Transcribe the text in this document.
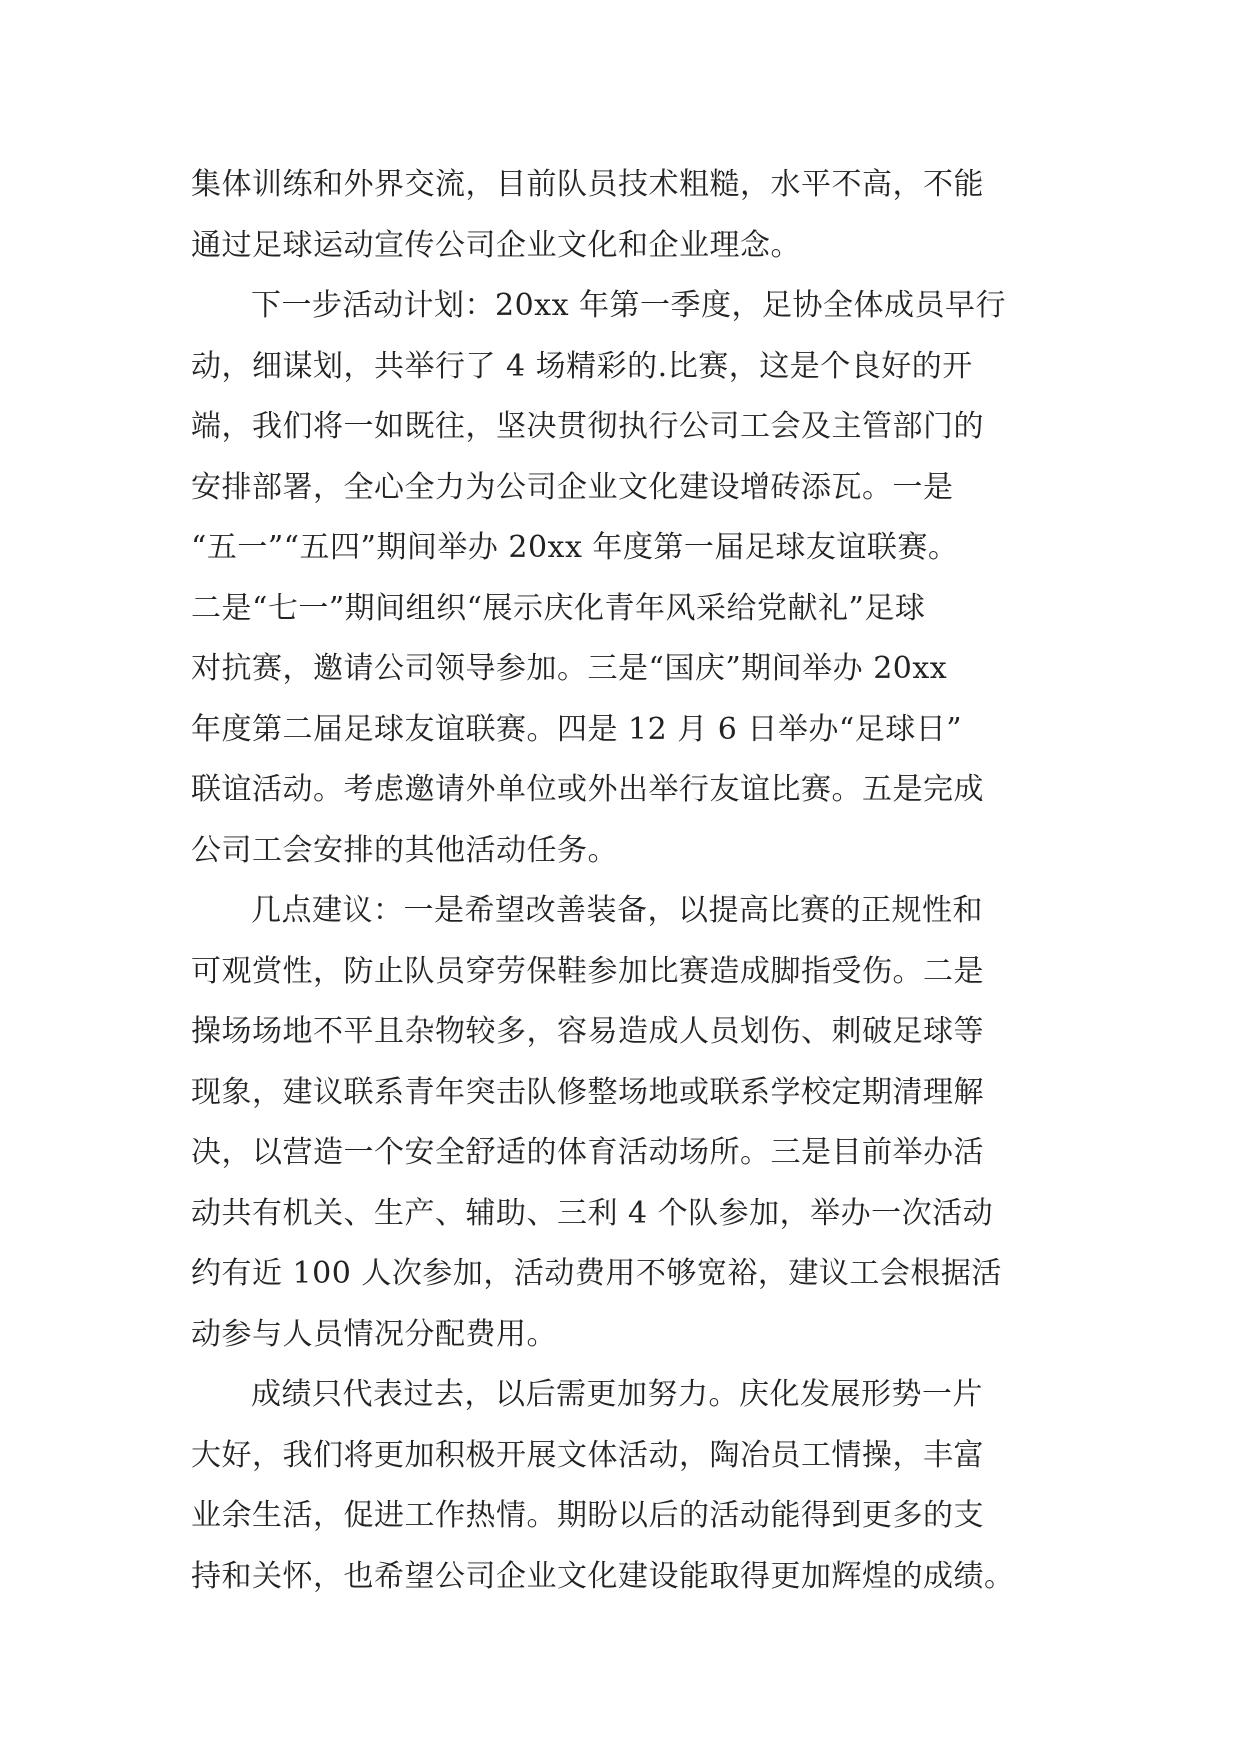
集体训练和外界交流，目前队员技术粗糙，水平不高，不能
通过足球运动宣传公司企业文化和企业理念。
下一步活动计划：20xx 年第一季度，足协全体成员早行
动，细谋划，共举行了 4 场精彩的.比赛，这是个良好的开
端，我们将一如既往，坚决贯彻执行公司工会及主管部门的
安排部署，全心全力为公司企业文化建设增砖添瓦。一是
“五一”“五四”期间举办 20xx 年度第一届足球友谊联赛。
二是“七一”期间组织“展示庆化青年风采给党献礼”足球
对抗赛，邀请公司领导参加。三是“国庆”期间举办 20xx
年度第二届足球友谊联赛。四是 12 月 6 日举办“足球日”
联谊活动。考虑邀请外单位或外出举行友谊比赛。五是完成
公司工会安排的其他活动任务。
几点建议：一是希望改善装备，以提高比赛的正规性和
可观赏性，防止队员穿劳保鞋参加比赛造成脚指受伤。二是
操场场地不平且杂物较多，容易造成人员划伤、刺破足球等
现象，建议联系青年突击队修整场地或联系学校定期清理解
决，以营造一个安全舒适的体育活动场所。三是目前举办活
动共有机关、生产、辅助、三利 4 个队参加，举办一次活动
约有近 100 人次参加，活动费用不够宽裕，建议工会根据活
动参与人员情况分配费用。
成绩只代表过去，以后需更加努力。庆化发展形势一片
大好，我们将更加积极开展文体活动，陶冶员工情操，丰富
业余生活，促进工作热情。期盼以后的活动能得到更多的支
持和关怀，也希望公司企业文化建设能取得更加辉煌的成绩。
